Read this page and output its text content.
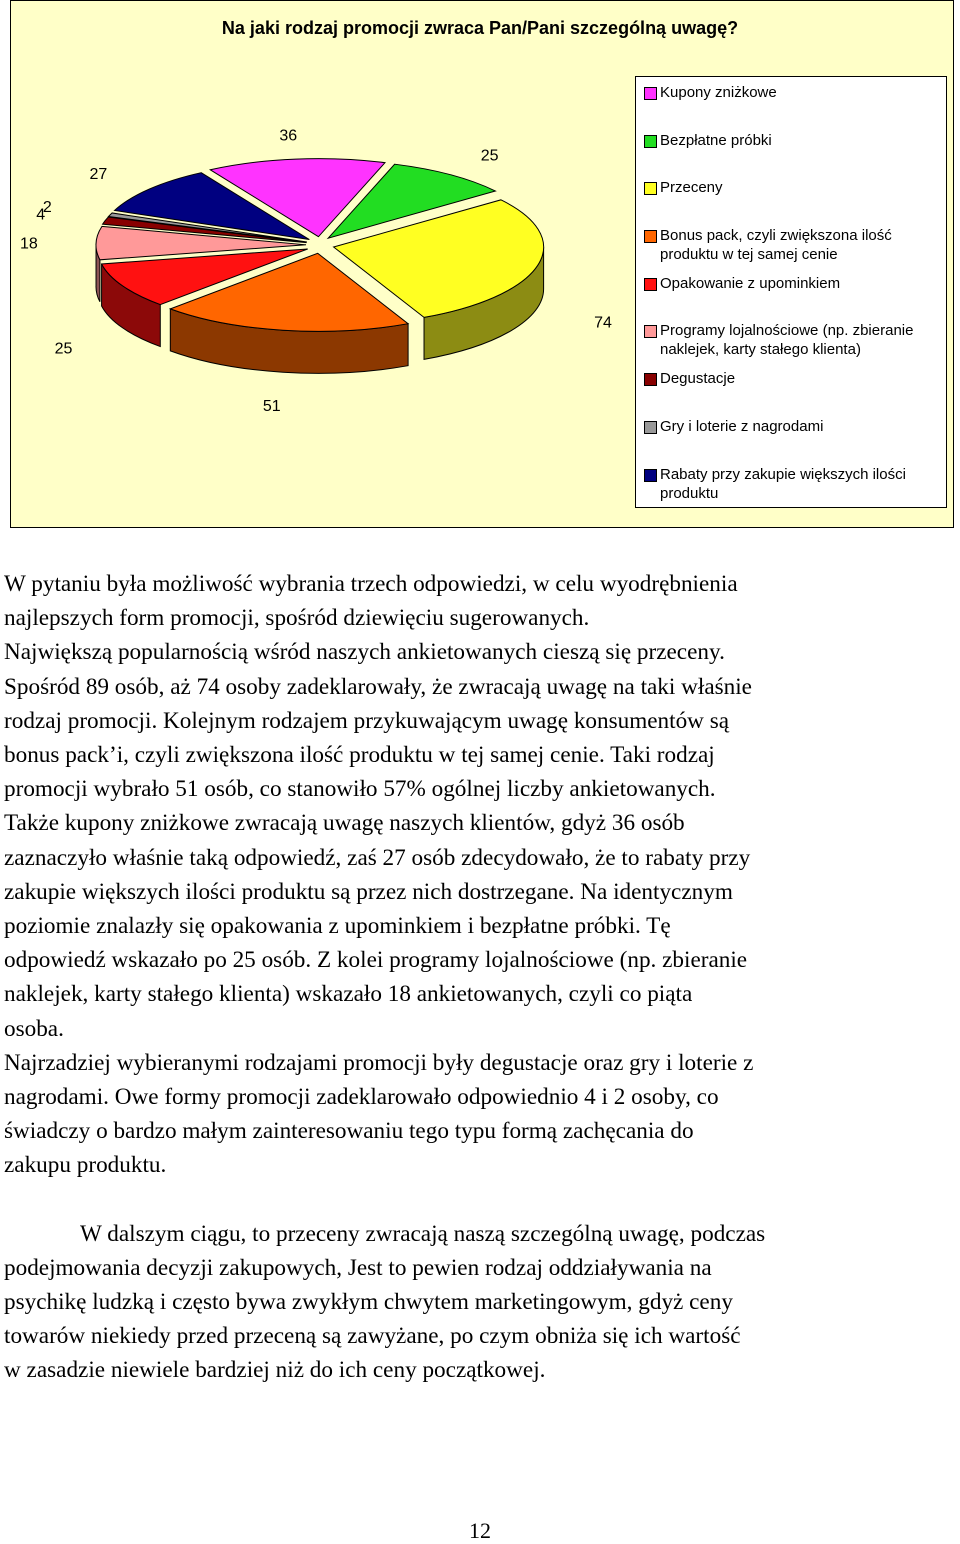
Na jaki rodzaj promocji zwraca Pan/Pani szczególną uwagę?
36
25
74
51
25
18
4
2
27
Kupony zniżkowe
Bezpłatne próbki
Przeceny
Bonus pack, czyli zwiększona ilość produktu w tej samej cenie
Opakowanie z upominkiem
Programy lojalnościowe (np. zbieranie naklejek, karty stałego klienta)
Degustacje
Gry i loterie z nagrodami
Rabaty przy zakupie większych ilości produktu

W pytaniu była możliwość wybrania trzech odpowiedzi, w celu wyodrębnienia

najlepszych form promocji, spośród dziewięciu sugerowanych.

Największą popularnością wśród naszych ankietowanych cieszą się przeceny.

Spośród 89 osób, aż 74 osoby zadeklarowały, że zwracają uwagę na taki właśnie

rodzaj promocji. Kolejnym rodzajem przykuwającym uwagę konsumentów są

bonus pack’i, czyli zwiększona ilość produktu w tej samej cenie. Taki rodzaj

promocji wybrało 51 osób, co stanowiło 57% ogólnej liczby ankietowanych.

Także kupony zniżkowe zwracają uwagę naszych klientów, gdyż 36 osób

zaznaczyło właśnie taką odpowiedź, zaś 27 osób zdecydowało, że to rabaty przy

zakupie większych ilości produktu są przez nich dostrzegane. Na identycznym

poziomie znalazły się opakowania z upominkiem i bezpłatne próbki. Tę

odpowiedź wskazało po 25 osób. Z kolei programy lojalnościowe (np. zbieranie

naklejek, karty stałego klienta) wskazało 18 ankietowanych, czyli co piąta

osoba.

Najrzadziej wybieranymi rodzajami promocji były degustacje oraz gry i loterie z

nagrodami. Owe formy promocji zadeklarowało odpowiednio 4 i 2 osoby, co

świadczy o bardzo małym zainteresowaniu tego typu formą zachęcania do

zakupu produktu.

W dalszym ciągu, to przeceny zwracają naszą szczególną uwagę, podczas

podejmowania decyzji zakupowych, Jest to pewien rodzaj oddziaływania na

psychikę ludzką i często bywa zwykłym chwytem marketingowym, gdyż ceny

towarów niekiedy przed przeceną są zawyżane, po czym obniża się ich wartość

w zasadzie niewiele bardziej niż do ich ceny początkowej.

12
